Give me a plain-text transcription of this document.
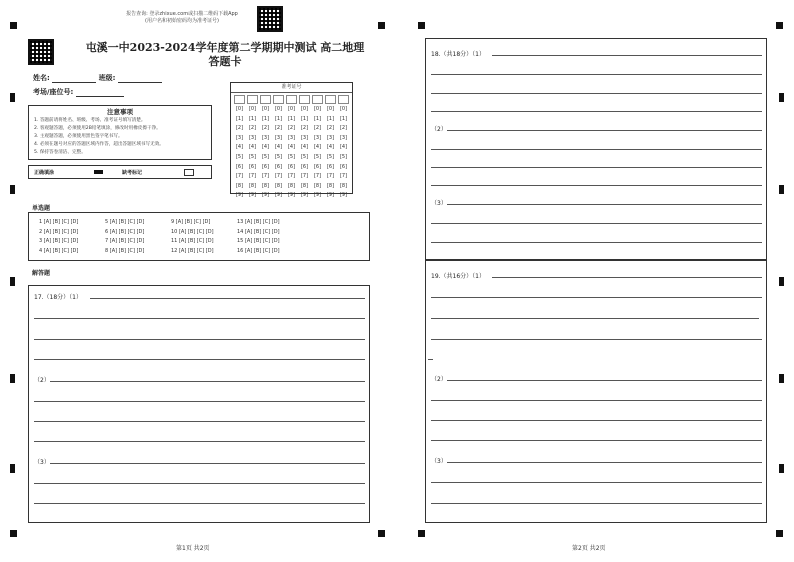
报告查询: 登录zhixue.com或扫描二维码下载App
(用户名和初始密码均为准考证号)
屯溪一中2023-2024学年度第二学期期中测试 高二地理
答题卡
姓名:	班级:
考场/座位号:
准考证号
[0]	[0]	[0]	[0]	[0]	[0]	[0]	[0]	[0]
[1]	[1]	[1]	[1]	[1]	[1]	[1]	[1]	[1]
[2]	[2]	[2]	[2]	[2]	[2]	[2]	[2]	[2]
[3]	[3]	[3]	[3]	[3]	[3]	[3]	[3]	[3]
[4]	[4]	[4]	[4]	[4]	[4]	[4]	[4]	[4]
[5]	[5]	[5]	[5]	[5]	[5]	[5]	[5]	[5]
[6]	[6]	[6]	[6]	[6]	[6]	[6]	[6]	[6]
[7]	[7]	[7]	[7]	[7]	[7]	[7]	[7]	[7]
[8]	[8]	[8]	[8]	[8]	[8]	[8]	[8]	[8]
[9]	[9]	[9]	[9]	[9]	[9]	[9]	[9]	[9]
注意事项
1. 答题前请将姓名、班级、考场、准考证号填写清楚。
2. 客观题答题，必须使用2B铅笔填涂，修改时用橡皮擦干净。
3. 主观题答题，必须使用黑色签字笔书写。
4. 必须在题号对应的答题区域内作答，超出答题区域书写无效。
5. 保持答卷清洁、完整。
正确填涂	缺考标记
单选题
1 [A] [B] [C] [D]	5 [A] [B] [C] [D]	9 [A] [B] [C] [D]	13 [A] [B] [C] [D]
2 [A] [B] [C] [D]	6 [A] [B] [C] [D]	10 [A] [B] [C] [D]	14 [A] [B] [C] [D]
3 [A] [B] [C] [D]	7 [A] [B] [C] [D]	11 [A] [B] [C] [D]	15 [A] [B] [C] [D]
4 [A] [B] [C] [D]	8 [A] [B] [C] [D]	12 [A] [B] [C] [D]	16 [A] [B] [C] [D]
解答题
17.（18分）（1）
（2）
（3）
第1页 共2页
18.（共18分）（1）
（2）
（3）
19.（共16分）（1）
（2）
（3）
第2页 共2页
